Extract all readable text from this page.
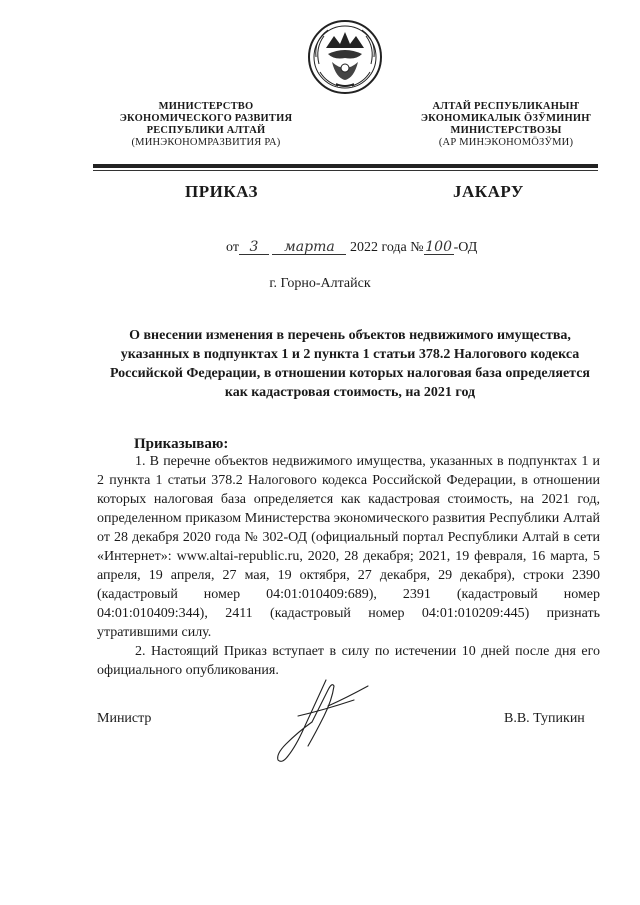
МИНИСТЕРСТВО
ЭКОНОМИЧЕСКОГО РАЗВИТИЯ
РЕСПУБЛИКИ АЛТАЙ
(МИНЭКОНОМРАЗВИТИЯ РА)
АЛТАЙ РЕСПУБЛИКАНЫҤ
ЭКОНОМИКАЛЫК ӦЗӰМИНИҤ
МИНИСТЕРСТВОЗЫ
(АР МИНЭКОНОМӦЗӰМИ)
ПРИКАЗ	JАКАРУ
от 3 марта 2022 года № 100 -ОД
г. Горно-Алтайск
О внесении изменения в перечень объектов недвижимого имущества, указанных в подпунктах 1 и 2 пункта 1 статьи 378.2 Налогового кодекса Российской Федерации, в отношении которых налоговая база определяется как кадастровая стоимость, на 2021 год
Приказываю:

1. В перечне объектов недвижимого имущества, указанных в подпунктах 1 и 2 пункта 1 статьи 378.2 Налогового кодекса Российской Федерации, в отношении которых налоговая база определяется как кадастровая стоимость, на 2021 год, определенном приказом Министерства экономического развития Республики Алтай от 28 декабря 2020 года № 302-ОД (официальный портал Республики Алтай в сети «Интернет»: www.altai-republic.ru, 2020, 28 декабря; 2021, 19 февраля, 16 марта, 5 апреля, 19 апреля, 27 мая, 19 октября, 27 декабря, 29 декабря), строки 2390 (кадастровый номер 04:01:010409:689), 2391 (кадастровый номер 04:01:010409:344), 2411 (кадастровый номер 04:01:010209:445) признать утратившими силу.

2. Настоящий Приказ вступает в силу по истечении 10 дней после дня его официального опубликования.

Министр	В.В. Тупикин
